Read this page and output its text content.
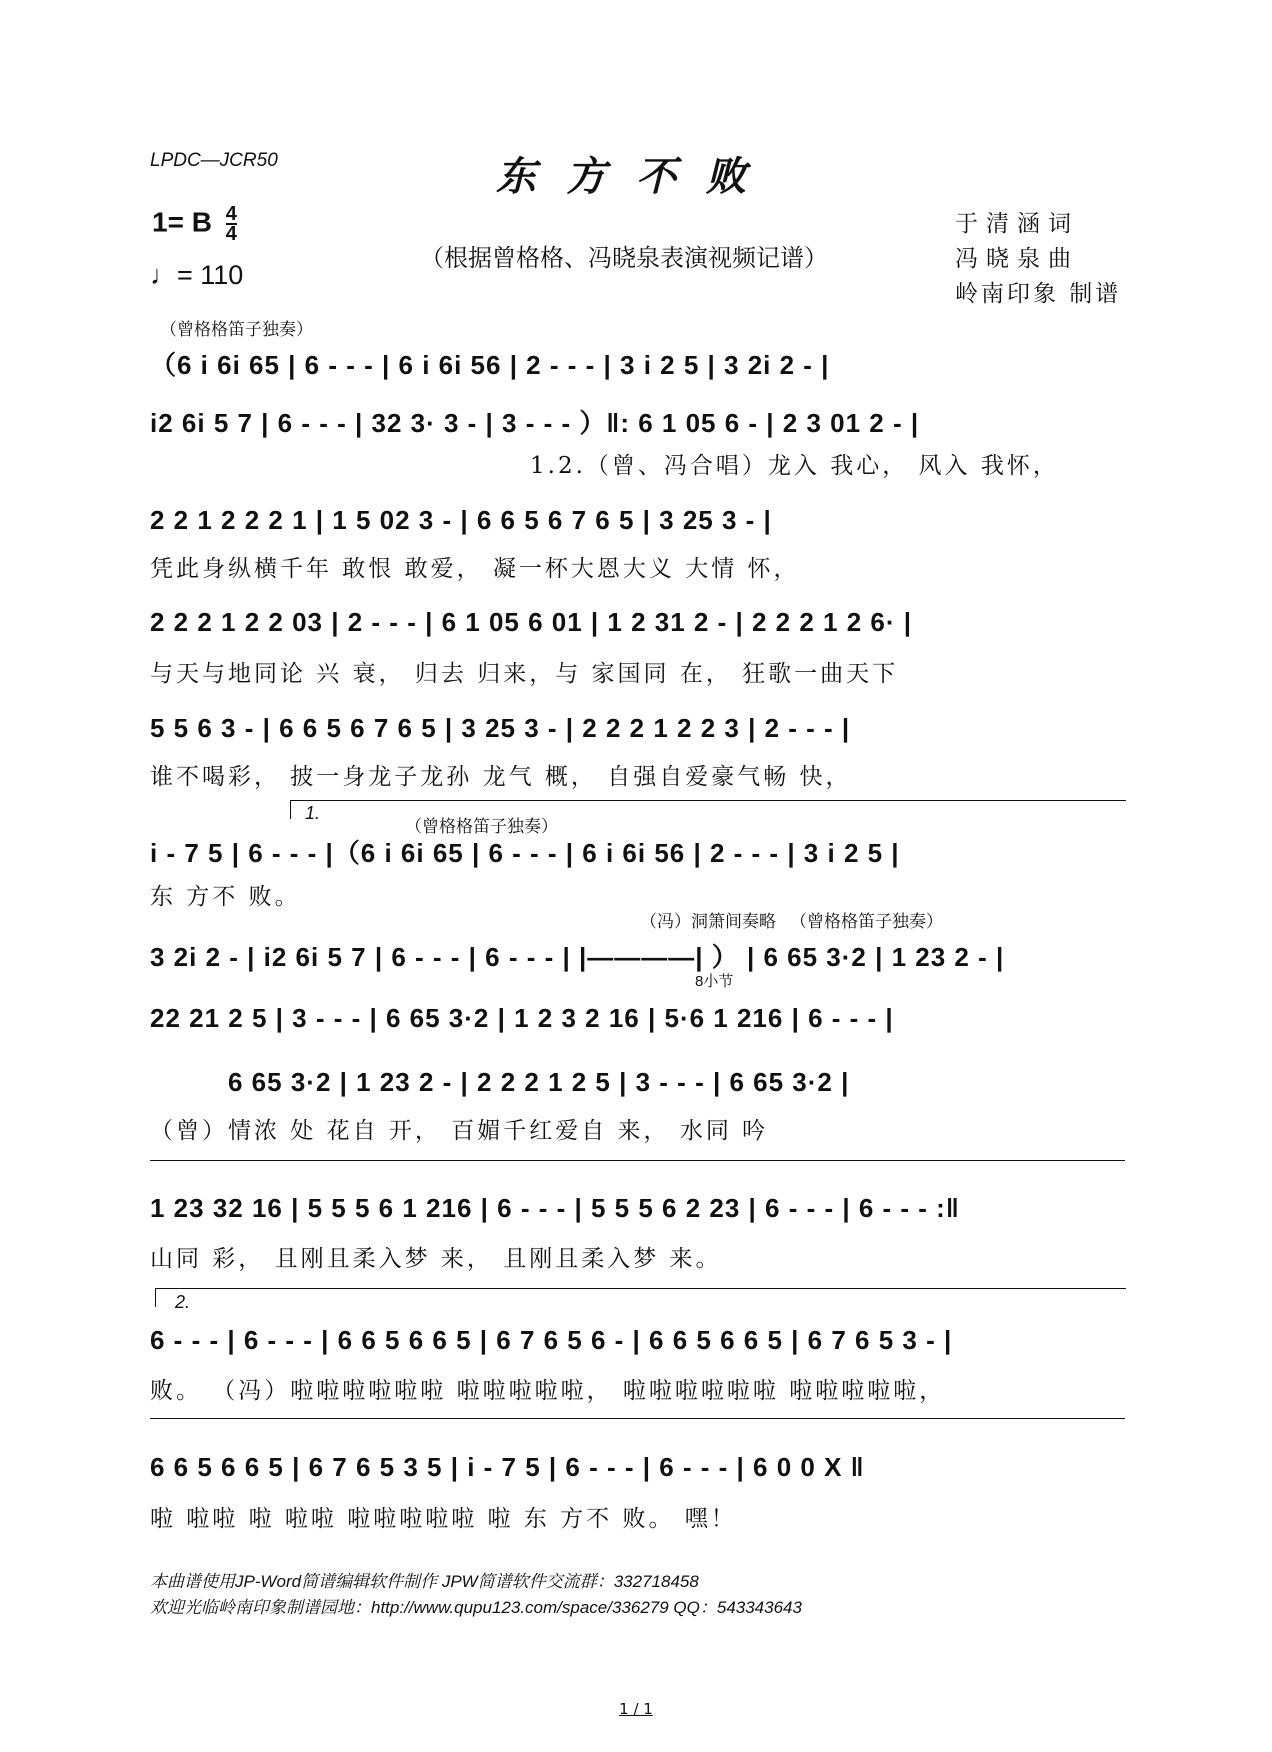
LPDC—JCR50	东方不败
1= B $\frac{4}{4}$
♩= 110
（根据曾格格、冯晓泉表演视频记谱）
于清涵词
冯晓泉曲
岭南印象 制谱
（曾格格笛子独奏）
（6 i 6i 65 | 6 - - - | 6 i 6i 56 | 2 - - - | 3 i 2 5 | 3 2i 2 - |
i2 6i 5 7 | 6 - - - | 32 3· 3 - | 3 - - - ）‖: 6 1 05 6 - | 2 3 01 2 - |
1.2.（曾、冯合唱）龙入 我心， 风入 我怀，
2 2 1 2 2 2 1 | 1 5 02 3 - | 6 6 5 6 7 6 5 | 3 25 3 - |
凭此身纵横千年 敢恨 敢爱， 凝一杯大恩大义 大情 怀，
2 2 2 1 2 2 03 | 2 - - - | 6 1 05 6 01 | 1 2 31 2 - | 2 2 2 1 2 6· |
与天与地同论 兴 衰， 归去 归来，与 家国同 在， 狂歌一曲天下
5 5 6 3 - | 6 6 5 6 7 6 5 | 3 25 3 - | 2 2 2 1 2 2 3 | 2 - - - |
谁不喝彩， 披一身龙子龙孙 龙气 概， 自强自爱豪气畅 快，
1.
（曾格格笛子独奏）
i - 7 5 | 6 - - - |（6 i 6i 65 | 6 - - - | 6 i 6i 56 | 2 - - - | 3 i 2 5 |
东 方不 败。
（冯）洞箫间奏略 （曾格格笛子独奏）
3 2i 2 - | i2 6i 5 7 | 6 - - - | 6 - - - | |————| ） | 6 65 3·2 | 1 23 2 - |
8小节
22 21 2 5 | 3 - - - | 6 65 3·2 | 1 2 3 2 16 | 5·6 1 216 | 6 - - - |
6 65 3·2 | 1 23 2 - | 2 2 2 1 2 5 | 3 - - - | 6 65 3·2 |
（曾）情浓 处 花自 开， 百媚千红爱自 来， 水同 吟
1 23 32 16 | 5 5 5 6 1 216 | 6 - - - | 5 5 5 6 2 23 | 6 - - - | 6 - - - :‖
山同 彩， 且刚且柔入梦 来， 且刚且柔入梦 来。
2.
6 - - - | 6 - - - | 6 6 5 6 6 5 | 6 7 6 5 6 - | 6 6 5 6 6 5 | 6 7 6 5 3 - |
败。 （冯）啦啦啦啦啦啦 啦啦啦啦啦， 啦啦啦啦啦啦 啦啦啦啦啦，
6 6 5 6 6 5 | 6 7 6 5 3 5 | i - 7 5 | 6 - - - | 6 - - - | 6 0 0 X ‖
啦 啦啦 啦 啦啦 啦啦啦啦啦 啦 东 方不 败。 嘿！
本曲谱使用JP-Word简谱编辑软件制作 JPW简谱软件交流群：332718458
欢迎光临岭南印象制谱园地：http://www.qupu123.com/space/336279 QQ：543343643
1 / 1
